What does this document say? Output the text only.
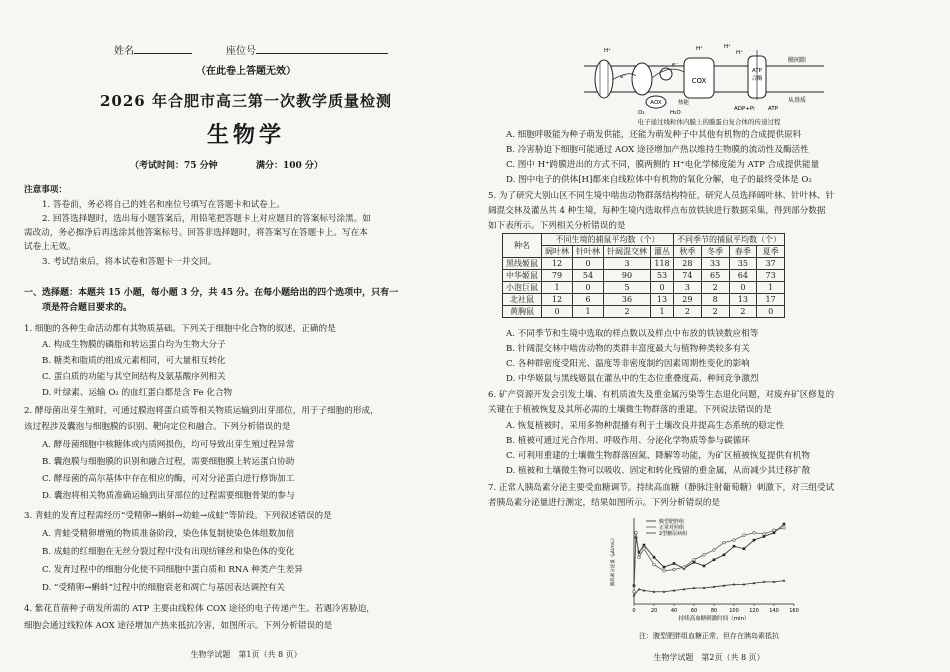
姓名	座位号
（在此卷上答题无效）
2026 年合肥市高三第一次教学质量检测
生物学
（考试时间：75 分钟	满分：100 分）
注意事项：
1. 答卷前，务必将自己的姓名和座位号填写在答题卡和试卷上。
2. 回答选择题时，选出每小题答案后，用铅笔把答题卡上对应题目的答案标号涂黑。如
需改动，务必擦净后再选涂其他答案标号。回答非选择题时，将答案写在答题卡上。写在本
试卷上无效。
3. 考试结束后，将本试卷和答题卡一并交回。
一、选择题：本题共 15 小题，每小题 3 分，共 45 分。在每小题给出的四个选项中，只有一
项是符合题目要求的。
1. 细胞的各种生命活动都有其物质基础。下列关于细胞中化合物的叙述，正确的是
A. 构成生物膜的磷脂和转运蛋白均为生物大分子
B. 糖类和脂质的组成元素相同，可大量相互转化
C. 蛋白质的功能与其空间结构及氨基酸序列相关
D. 叶绿素、运输 O₂ 的血红蛋白都是含 Fe 化合物
2. 酵母菌出芽生殖时，可通过膜泡将蛋白质等相关物质运输到出芽部位，用于子细胞的形成，
该过程涉及囊泡与细胞膜的识别、靶向定位和融合。下列分析错误的是
A. 酵母菌细胞中核糖体或内质网损伤，均可导致出芽生殖过程异常
B. 囊泡膜与细胞膜的识别和融合过程，需要细胞膜上转运蛋白协助
C. 酵母菌的高尔基体中存在相应的酶，可对分泌蛋白进行修饰加工
D. 囊泡将相关物质准确运输到出芽部位的过程需要细胞骨架的参与
3. 青蛙的发育过程需经历“受精卵→蝌蚪→幼蛙→成蛙”等阶段。下列叙述错误的是
A. 青蛙受精卵增殖的物质准备阶段，染色体复制使染色体组数加倍
B. 成蛙的红细胞在无丝分裂过程中没有出现纺锤丝和染色体的变化
C. 发育过程中的细胞分化使不同细胞中蛋白质和 RNA 种类产生差异
D. “受精卵→蝌蚪”过程中的细胞衰老和凋亡与基因表达调控有关
4. 紫花苜蓿种子萌发所需的 ATP 主要由线粒体 COX 途径的电子传递产生。若遇冷害胁迫，
细胞会通过线粒体 AOX 途径增加产热来抵抗冷害，如图所示。下列分析错误的是
生物学试题　第1页（共 8 页）
COX
AOX
ATP
合酶
H⁺
H⁺
H⁺	H⁺
e⁻
e⁻
O₂	H₂O
热能
ADP+Pi ATP
膜间隙
从基质
电子通过线粒体内膜上的膜蛋白复合体的传递过程
A. 细胞呼吸能为种子萌发供能，还能为萌发种子中其他有机物的合成提供原料
B. 冷害胁迫下细胞可能通过 AOX 途径增加产热以维持生物膜的流动性及酶活性
C. 图中 H⁺跨膜进出的方式不同，膜两侧的 H⁺电化学梯度能为 ATP 合成提供能量
D. 图中电子的供体[H]都来自线粒体中有机物的氧化分解，电子的最终受体是 O₂
5. 为了研究大别山区不同生境中啮齿动物群落结构特征，研究人员选择阔叶林、针叶林、针
阔混交林及灌丛共 4 种生境，每种生境内选取样点布放铁铗进行数据采集，得到部分数据
如下表所示。下列相关分析错误的是
种名	不同生境的捕鼠平均数（个）				不同季节的捕鼠平均数（个）			
	阔叶林	针叶林	针阔混交林	灌丛	秋季	冬季	春季	夏季
黑线姬鼠	12	0	3	118	28	33	35	37
中华姬鼠	79	54	90	53	74	65	64	73
小泡巨鼠	1	0	5	0	3	2	0	1
北社鼠	12	6	36	13	29	8	13	17
黄胸鼠	0	1	2	1	2	2	2	0
A. 不同季节和生境中选取的样点数以及样点中布放的铁铗数应相等
B. 针阔混交林中啮齿动物的类群丰富度最大与植物种类较多有关
C. 各种群密度受阳光、温度等非密度制约因素周期性变化的影响
D. 中华姬鼠与黑线姬鼠在灌丛中的生态位重叠度高、种间竞争激烈
6. 矿产资源开发会引发土壤、有机质流失及重金属污染等生态退化问题，对废弃矿区修复的
关键在于植被恢复及其所必需的土壤微生物群落的重建。下列说法错误的是
A. 恢复植被时，采用多物种混播有利于土壤改良并提高生态系统的稳定性
B. 植被可通过光合作用、呼吸作用、分泌化学物质等参与碳循环
C. 可利用重建的土壤微生物群落固氮、降解等功能，为矿区植被恢复提供有机物
D. 植被和土壤微生物可以吸收、固定和转化残留的重金属，从而减少其迁移扩散
7. 正常人胰岛素分泌主要受血糖调节。持续高血糖（静脉注射葡萄糖）刺激下，对三组受试
者胰岛素分泌量进行测定，结果如图所示。下列分析错误的是
0	20	40	60	80 100 120 140 160
胰岛素分泌量（μU/mL）
持续高血糖刺激时间（min）
腹型肥胖组
正常对照组
2型糖尿病组
注：腹型肥胖组血糖正常，但存在胰岛素抵抗
生物学试题　第2页（共 8 页）
